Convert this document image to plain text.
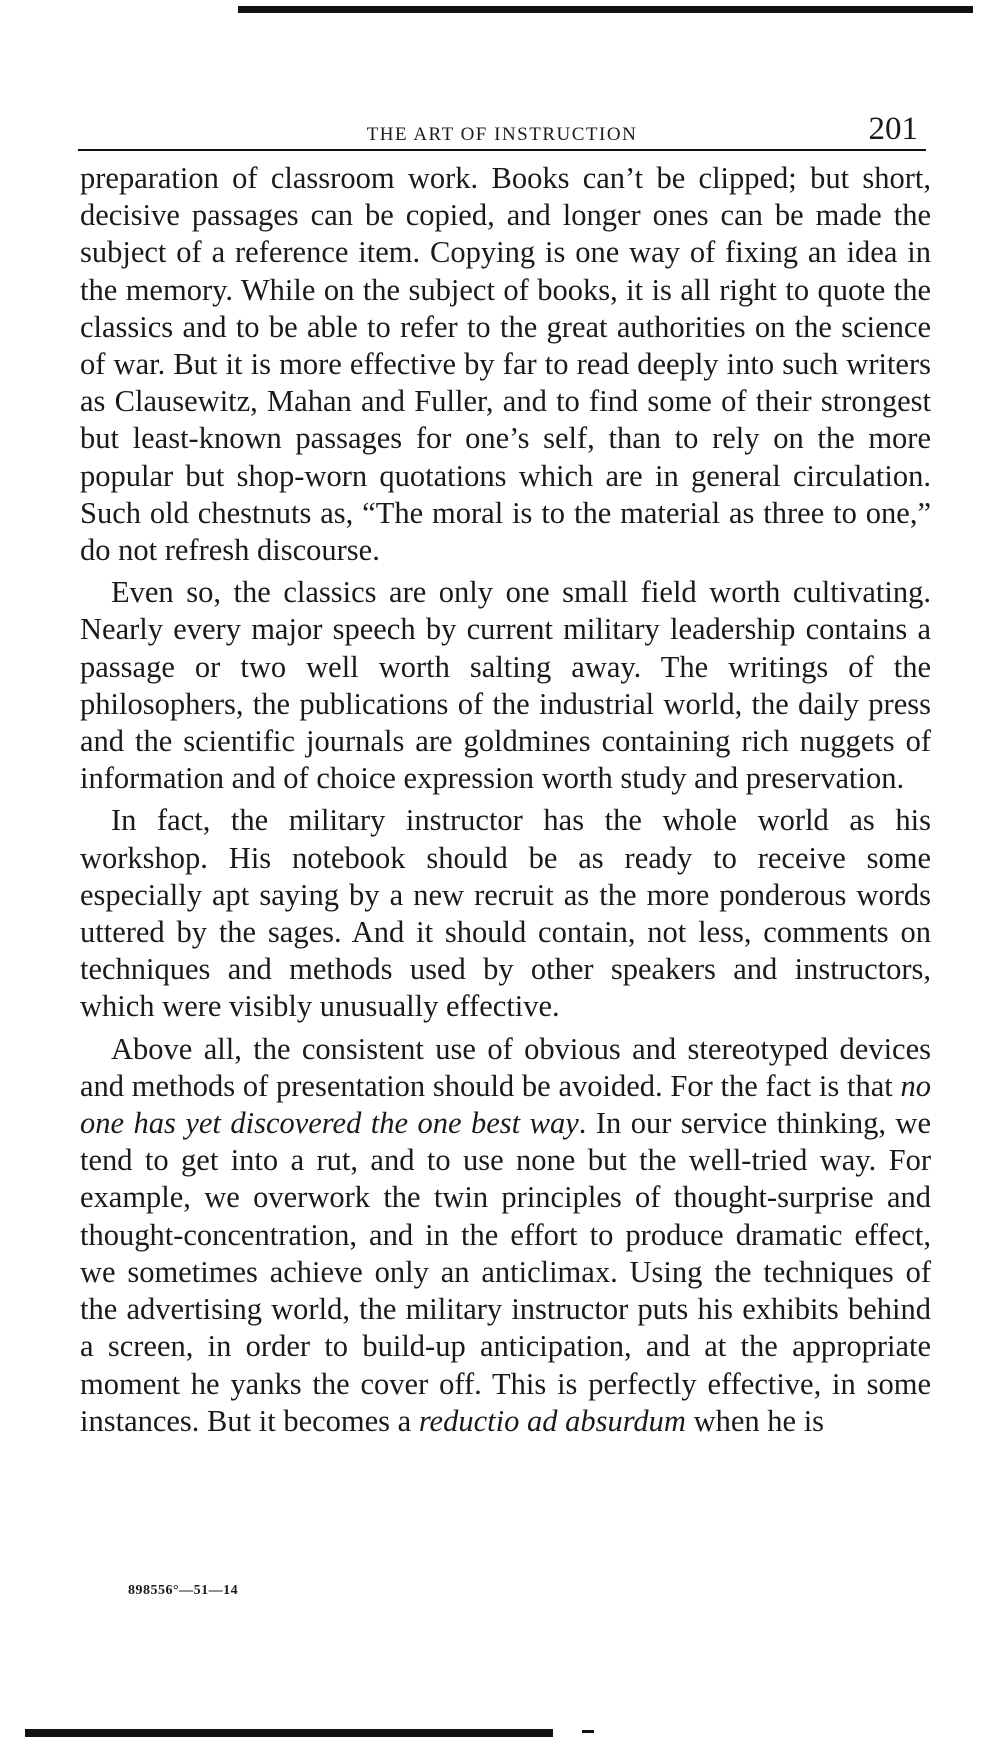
THE ART OF INSTRUCTION	201

preparation of classroom work. Books can’t be clipped; but short, decisive passages can be copied, and longer ones can be made the subject of a reference item. Copying is one way of fixing an idea in the memory. While on the subject of books, it is all right to quote the classics and to be able to refer to the great authorities on the science of war. But it is more effective by far to read deeply into such writers as Clausewitz, Mahan and Fuller, and to find some of their strongest but least-known passages for one’s self, than to rely on the more popular but shop-worn quotations which are in general circulation. Such old chestnuts as, “The moral is to the material as three to one,” do not refresh discourse.

Even so, the classics are only one small field worth cultivating. Nearly every major speech by current military leadership contains a passage or two well worth salting away. The writings of the philosophers, the publications of the industrial world, the daily press and the scientific journals are goldmines containing rich nuggets of information and of choice expression worth study and preservation.

In fact, the military instructor has the whole world as his workshop. His notebook should be as ready to receive some especially apt saying by a new recruit as the more ponderous words uttered by the sages. And it should contain, not less, comments on techniques and methods used by other speakers and instructors, which were visibly unusually effective.

Above all, the consistent use of obvious and stereotyped devices and methods of presentation should be avoided. For the fact is that no one has yet discovered the one best way. In our service thinking, we tend to get into a rut, and to use none but the well-tried way. For example, we overwork the twin principles of thought-surprise and thought-concentration, and in the effort to produce dramatic effect, we sometimes achieve only an anticlimax. Using the techniques of the advertising world, the military instructor puts his exhibits behind a screen, in order to build-up anticipation, and at the appropriate moment he yanks the cover off. This is perfectly effective, in some instances. But it becomes a reductio ad absurdum when he is

898556°—51—14
